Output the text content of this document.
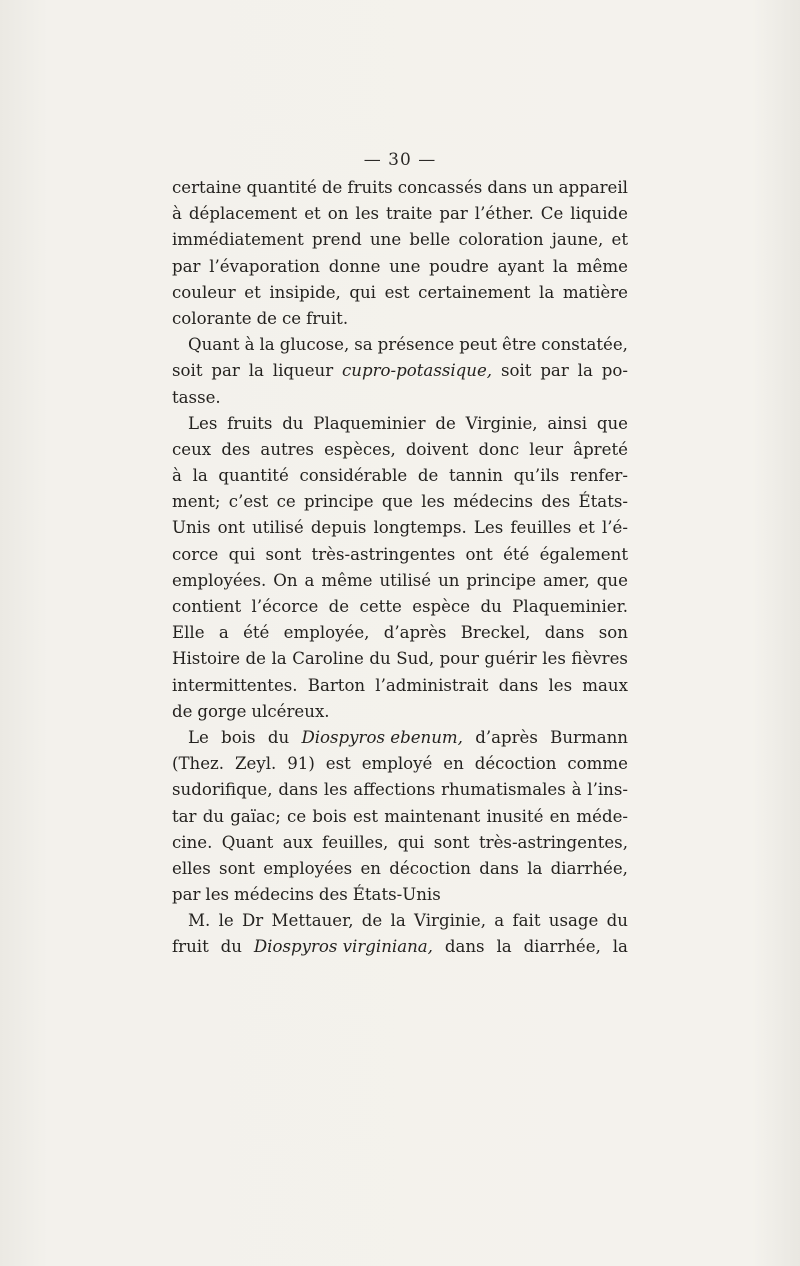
— 30 —
certaine quantité de fruits concassés dans un appareil
à déplacement et on les traite par l’éther. Ce liquide
immédiatement prend une belle coloration jaune, et
par l’évaporation donne une poudre ayant la même
couleur et insipide, qui est certainement la matière
colorante de ce fruit.
Quant à la glucose, sa présence peut être constatée,
soit par la liqueur cupro-potassique, soit par la po-
tasse.
Les fruits du Plaqueminier de Virginie, ainsi que
ceux des autres espèces, doivent donc leur âpreté
à la quantité considérable de tannin qu’ils renfer-
ment; c’est ce principe que les médecins des États-
Unis ont utilisé depuis longtemps. Les feuilles et l’é-
corce qui sont très-astringentes ont été également
employées. On a même utilisé un principe amer, que
contient l’écorce de cette espèce du Plaqueminier.
Elle a été employée, d’après Breckel, dans son
Histoire de la Caroline du Sud, pour guérir les fièvres
intermittentes. Barton l’administrait dans les maux
de gorge ulcéreux.
Le bois du Diospyros ebenum, d’après Burmann
(Thez. Zeyl. 91) est employé en décoction comme
sudorifique, dans les affections rhumatismales à l’ins-
tar du gaïac; ce bois est maintenant inusité en méde-
cine. Quant aux feuilles, qui sont très-astringentes,
elles sont employées en décoction dans la diarrhée,
par les médecins des États-Unis
M. le Dr Mettauer, de la Virginie, a fait usage du
fruit du Diospyros virginiana, dans la diarrhée, la
